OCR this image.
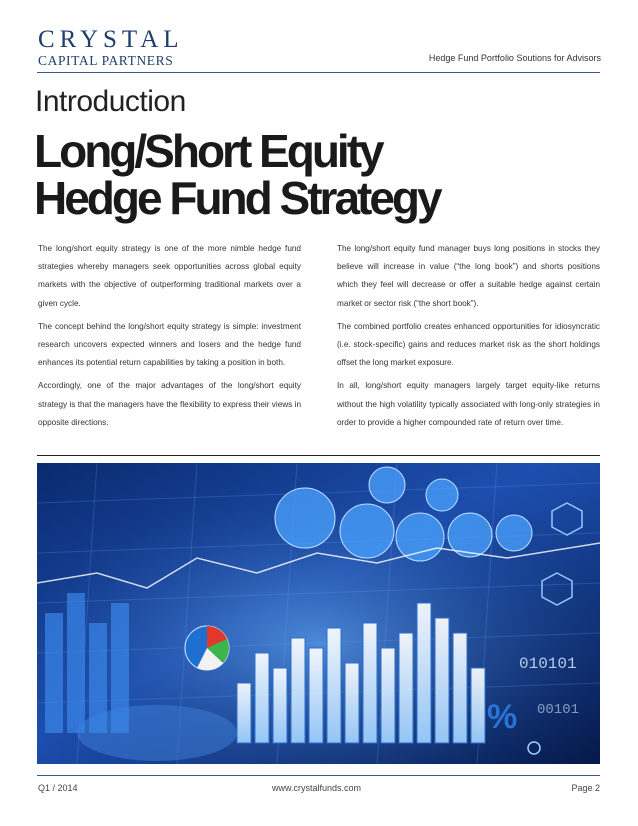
CRYSTAL
CAPITAL PARTNERS	Hedge Fund Portfolio Soutions for Advisors
Introduction
Long/Short Equity
Hedge Fund Strategy

The long/short equity strategy is one of the more nimble hedge fund strategies whereby managers seek opportunities across global equity markets with the objective of outperforming traditional markets over a given cycle.

The concept behind the long/short equity strategy is simple: investment research uncovers expected winners and losers and the hedge fund enhances its potential return capabilities by taking a position in both.

Accordingly, one of the major advantages of the long/short equity strategy is that the managers have the flexibility to express their views in opposite directions.

The long/short equity fund manager buys long positions in stocks they believe will increase in value (“the long book”) and shorts positions which they feel will decrease or offer a suitable hedge against certain market or sector risk (“the short book”).

The combined portfolio creates enhanced opportunities for idiosyncratic (i.e. stock-specific) gains and reduces market risk as the short holdings offset the long market exposure.

In all, long/short equity managers largely target equity-like returns without the high volatility typically associated with long-only strategies in order to provide a higher compounded rate of return over time.

010101
00101
%
Q1 / 2014	www.crystalfunds.com	Page 2
